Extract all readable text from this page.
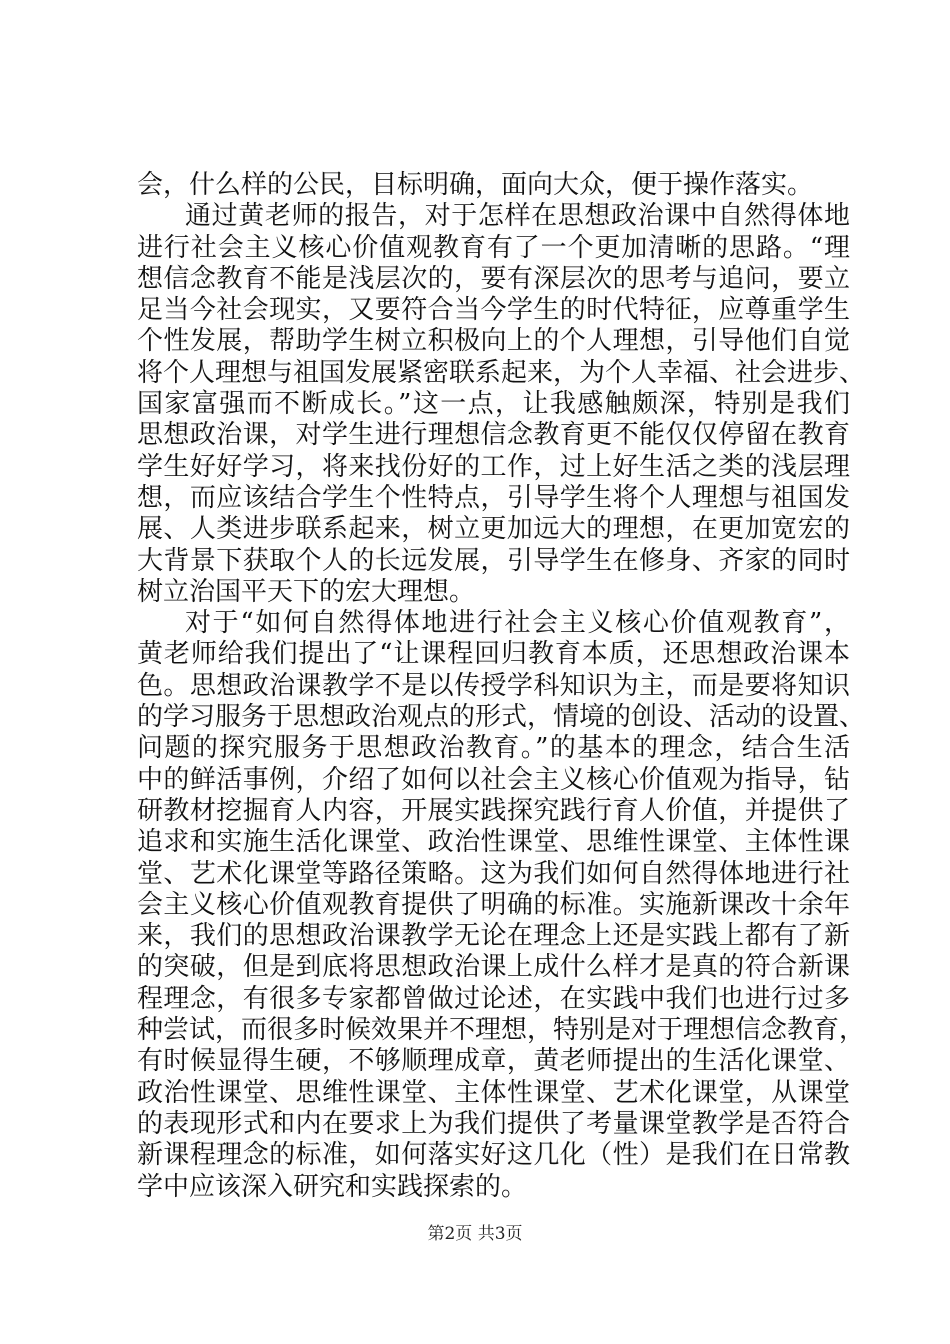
会，什么样的公民，目标明确，面向大众，便于操作落实。
通过黄老师的报告，对于怎样在思想政治课中自然得体地
进行社会主义核心价值观教育有了一个更加清晰的思路。“理
想信念教育不能是浅层次的，要有深层次的思考与追问，要立
足当今社会现实，又要符合当今学生的时代特征，应尊重学生
个性发展，帮助学生树立积极向上的个人理想，引导他们自觉
将个人理想与祖国发展紧密联系起来，为个人幸福、社会进步、
国家富强而不断成长。”这一点，让我感触颇深，特别是我们
思想政治课，对学生进行理想信念教育更不能仅仅停留在教育
学生好好学习，将来找份好的工作，过上好生活之类的浅层理
想，而应该结合学生个性特点，引导学生将个人理想与祖国发
展、人类进步联系起来，树立更加远大的理想，在更加宽宏的
大背景下获取个人的长远发展，引导学生在修身、齐家的同时
树立治国平天下的宏大理想。
对于“如何自然得体地进行社会主义核心价值观教育”，
黄老师给我们提出了“让课程回归教育本质，还思想政治课本
色。思想政治课教学不是以传授学科知识为主，而是要将知识
的学习服务于思想政治观点的形式，情境的创设、活动的设置、
问题的探究服务于思想政治教育。”的基本的理念，结合生活
中的鲜活事例，介绍了如何以社会主义核心价值观为指导，钻
研教材挖掘育人内容，开展实践探究践行育人价值，并提供了
追求和实施生活化课堂、政治性课堂、思维性课堂、主体性课
堂、艺术化课堂等路径策略。这为我们如何自然得体地进行社
会主义核心价值观教育提供了明确的标准。实施新课改十余年
来，我们的思想政治课教学无论在理念上还是实践上都有了新
的突破，但是到底将思想政治课上成什么样才是真的符合新课
程理念，有很多专家都曾做过论述，在实践中我们也进行过多
种尝试，而很多时候效果并不理想，特别是对于理想信念教育，
有时候显得生硬，不够顺理成章，黄老师提出的生活化课堂、
政治性课堂、思维性课堂、主体性课堂、艺术化课堂，从课堂
的表现形式和内在要求上为我们提供了考量课堂教学是否符合
新课程理念的标准，如何落实好这几化（性）是我们在日常教
学中应该深入研究和实践探索的。
第2页 共3页
